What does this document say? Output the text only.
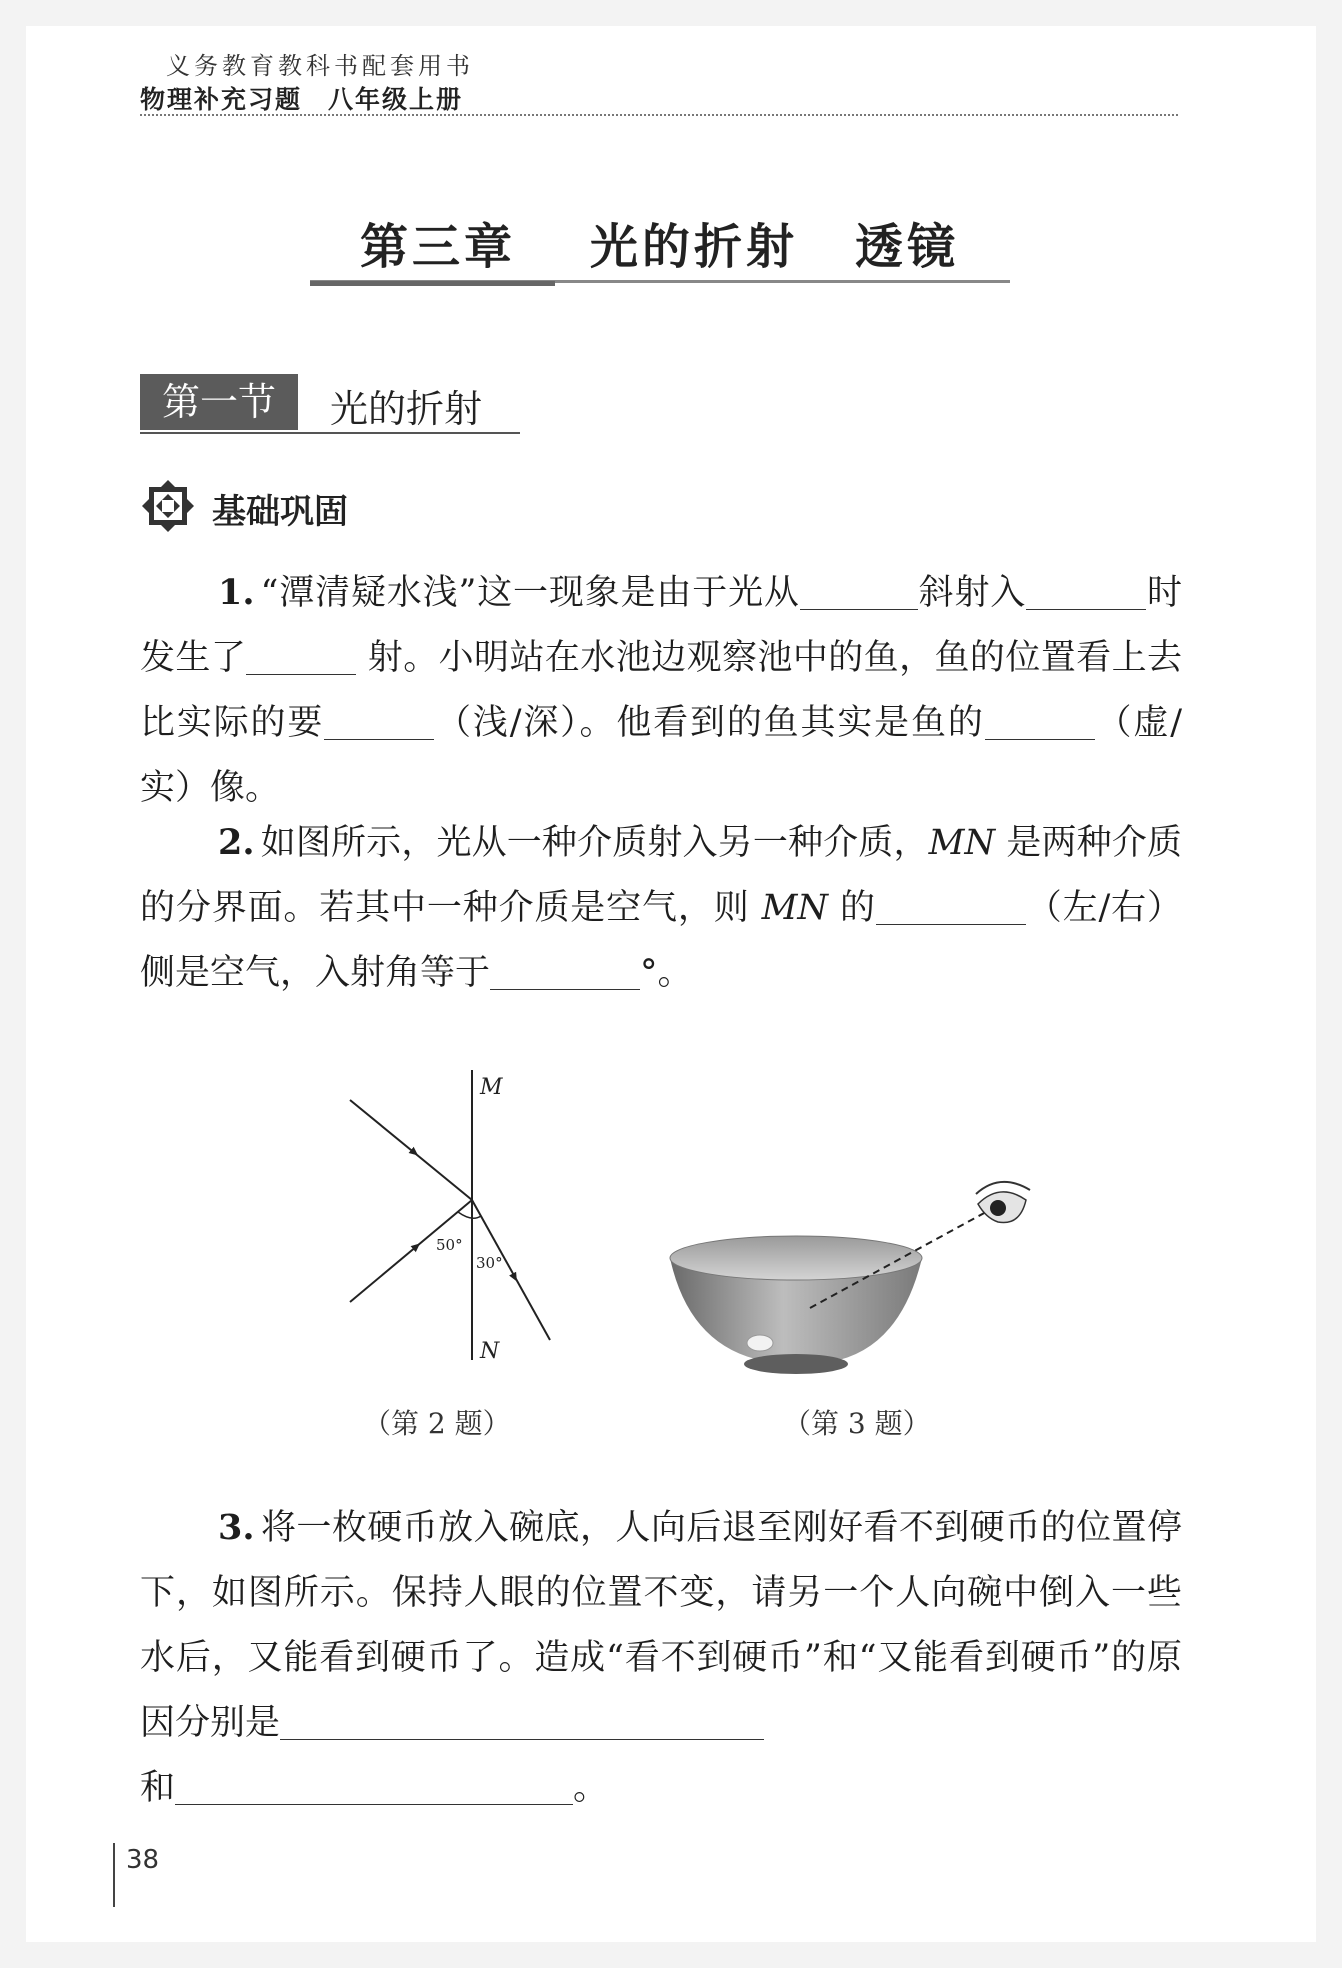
义务教育教科书配套用书
物理补充习题 八年级上册
第三章 光的折射 透镜
第一节	光的折射
基础巩固
1. “潭清疑水浅”这一现象是由于光从	斜射入	时发生了	射。小明站在水池边观察池中的鱼，鱼的位置看上去比实际的要	（浅/深）。他看到的鱼其实是鱼的	（虚/实）像。
2. 如图所示，光从一种介质射入另一种介质，MN 是两种介质的分界面。若其中一种介质是空气，则 MN 的	（左/右）侧是空气，入射角等于	°。
M
N
50°
30°
（第 2 题）	（第 3 题）
3. 将一枚硬币放入碗底，人向后退至刚好看不到硬币的位置停下，如图所示。保持人眼的位置不变，请另一个人向碗中倒入一些水后，又能看到硬币了。造成“看不到硬币”和“又能看到硬币”的原因分别是
和	。
38
